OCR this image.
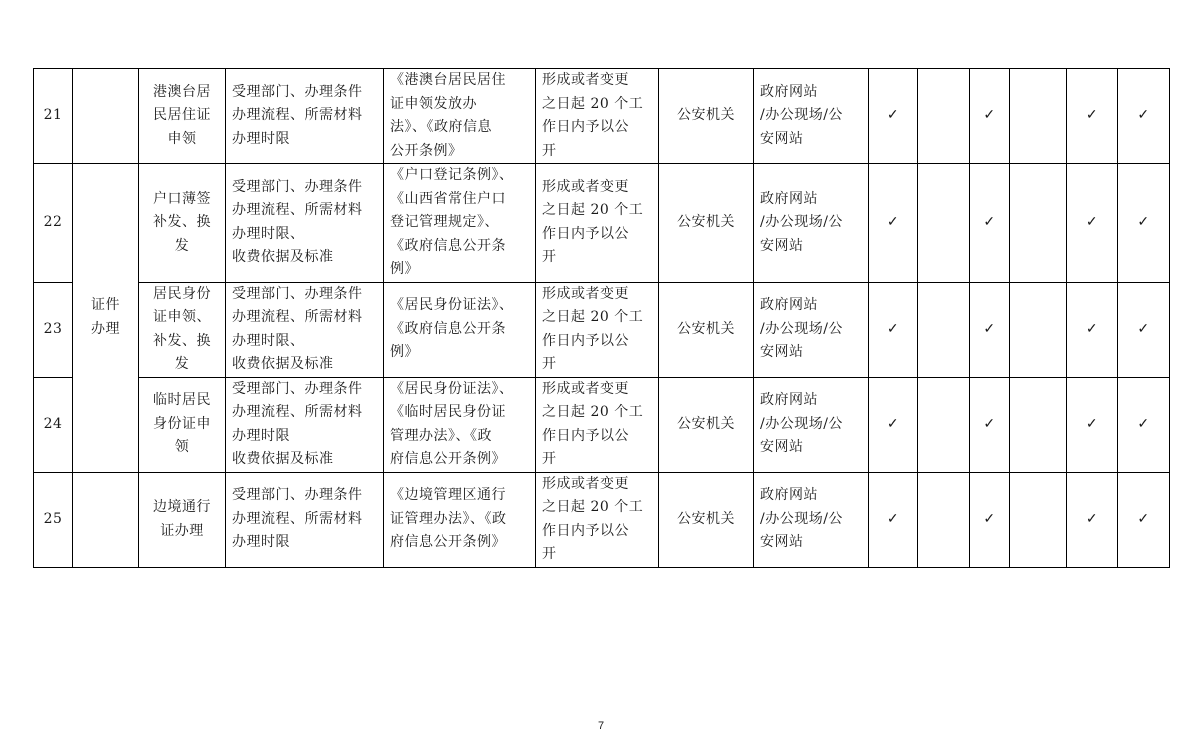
21		港澳台居
民居住证
申领	受理部门、办理条件
办理流程、所需材料
办理时限	《港澳台居民居住
证申领发放办
法》、《政府信息
公开条例》	形成或者变更
之日起 20 个工
作日内予以公
开	公安机关	政府网站
/办公现场/公
安网站	✓		✓		✓	✓
22	证件
办理	户口薄签
补发、换
发	受理部门、办理条件
办理流程、所需材料
办理时限、
收费依据及标准	《户口登记条例》、
《山西省常住户口
登记管理规定》、
《政府信息公开条
例》	形成或者变更
之日起 20 个工
作日内予以公
开	公安机关	政府网站
/办公现场/公
安网站	✓		✓		✓	✓
23		居民身份
证申领、
补发、换
发	受理部门、办理条件
办理流程、所需材料
办理时限、
收费依据及标准	《居民身份证法》、
《政府信息公开条
例》	形成或者变更
之日起 20 个工
作日内予以公
开	公安机关	政府网站
/办公现场/公
安网站	✓		✓		✓	✓
24		临时居民
身份证申
领	受理部门、办理条件
办理流程、所需材料
办理时限
收费依据及标准	《居民身份证法》、
《临时居民身份证
管理办法》、《政
府信息公开条例》	形成或者变更
之日起 20 个工
作日内予以公
开	公安机关	政府网站
/办公现场/公
安网站	✓		✓		✓	✓
25		边境通行
证办理	受理部门、办理条件
办理流程、所需材料
办理时限	《边境管理区通行
证管理办法》、《政
府信息公开条例》	形成或者变更
之日起 20 个工
作日内予以公
开	公安机关	政府网站
/办公现场/公
安网站	✓		✓		✓	✓
7
